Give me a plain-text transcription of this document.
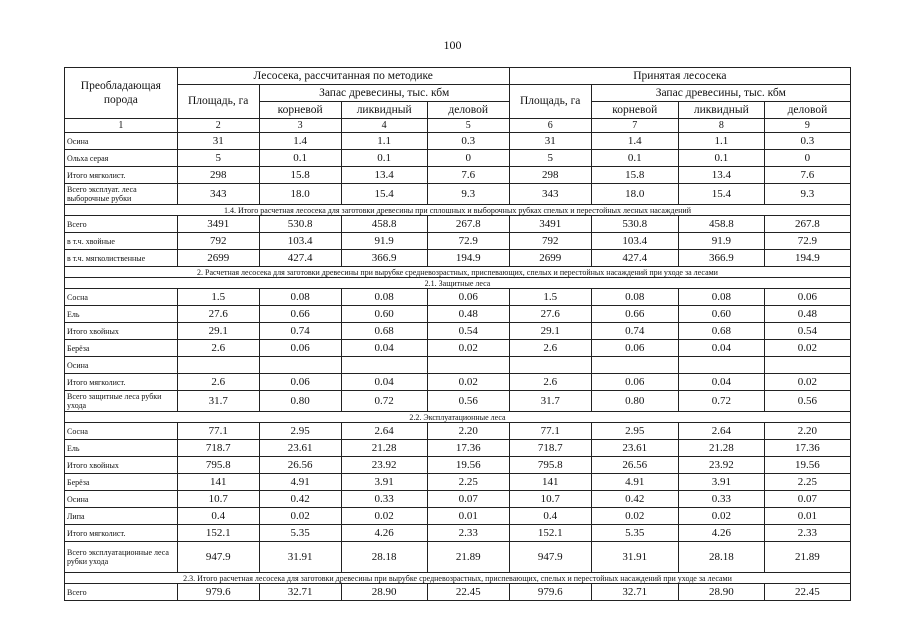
100
Преобладающая порода	Лесосека, рассчитанная по методике				Принятая лесосека			
	Площадь, га	Запас древесины, тыс. кбм			Площадь, га	Запас древесины, тыс. кбм		
		корневой	ликвидный	деловой		корневой	ликвидный	деловой
1	2	3	4	5	6	7	8	9
Осина	31	1.4	1.1	0.3	31	1.4	1.1	0.3
Ольха серая	5	0.1	0.1	0	5	0.1	0.1	0
Итого мягколист.	298	15.8	13.4	7.6	298	15.8	13.4	7.6
Всего эксплуат. леса выборочные рубки	343	18.0	15.4	9.3	343	18.0	15.4	9.3
1.4. Итого расчетная лесосека для заготовки древесины при сплошных и выборочных рубках спелых и перестойных лесных насаждений								
Всего	3491	530.8	458.8	267.8	3491	530.8	458.8	267.8
в т.ч. хвойные	792	103.4	91.9	72.9	792	103.4	91.9	72.9
в т.ч. мягколиственные	2699	427.4	366.9	194.9	2699	427.4	366.9	194.9
2. Расчетная лесосека для заготовки древесины при вырубке средневозрастных, приспевающих, спелых и перестойных насаждений при уходе за лесами								
2.1. Защитные леса								
Сосна	1.5	0.08	0.08	0.06	1.5	0.08	0.08	0.06
Ель	27.6	0.66	0.60	0.48	27.6	0.66	0.60	0.48
Итого хвойных	29.1	0.74	0.68	0.54	29.1	0.74	0.68	0.54
Берёза	2.6	0.06	0.04	0.02	2.6	0.06	0.04	0.02
Осина								
Итого мягколист.	2.6	0.06	0.04	0.02	2.6	0.06	0.04	0.02
Всего защитные леса рубки ухода	31.7	0.80	0.72	0.56	31.7	0.80	0.72	0.56
2.2. Эксплуатационные леса								
Сосна	77.1	2.95	2.64	2.20	77.1	2.95	2.64	2.20
Ель	718.7	23.61	21.28	17.36	718.7	23.61	21.28	17.36
Итого хвойных	795.8	26.56	23.92	19.56	795.8	26.56	23.92	19.56
Берёза	141	4.91	3.91	2.25	141	4.91	3.91	2.25
Осина	10.7	0.42	0.33	0.07	10.7	0.42	0.33	0.07
Липа	0.4	0.02	0.02	0.01	0.4	0.02	0.02	0.01
Итого мягколист.	152.1	5.35	4.26	2.33	152.1	5.35	4.26	2.33
Всего эксплуатационные леса рубки ухода	947.9	31.91	28.18	21.89	947.9	31.91	28.18	21.89
2.3. Итого расчетная лесосека для заготовки древесины при вырубке средневозрастных, приспевающих, спелых и перестойных насаждений при уходе за лесами								
Всего	979.6	32.71	28.90	22.45	979.6	32.71	28.90	22.45
